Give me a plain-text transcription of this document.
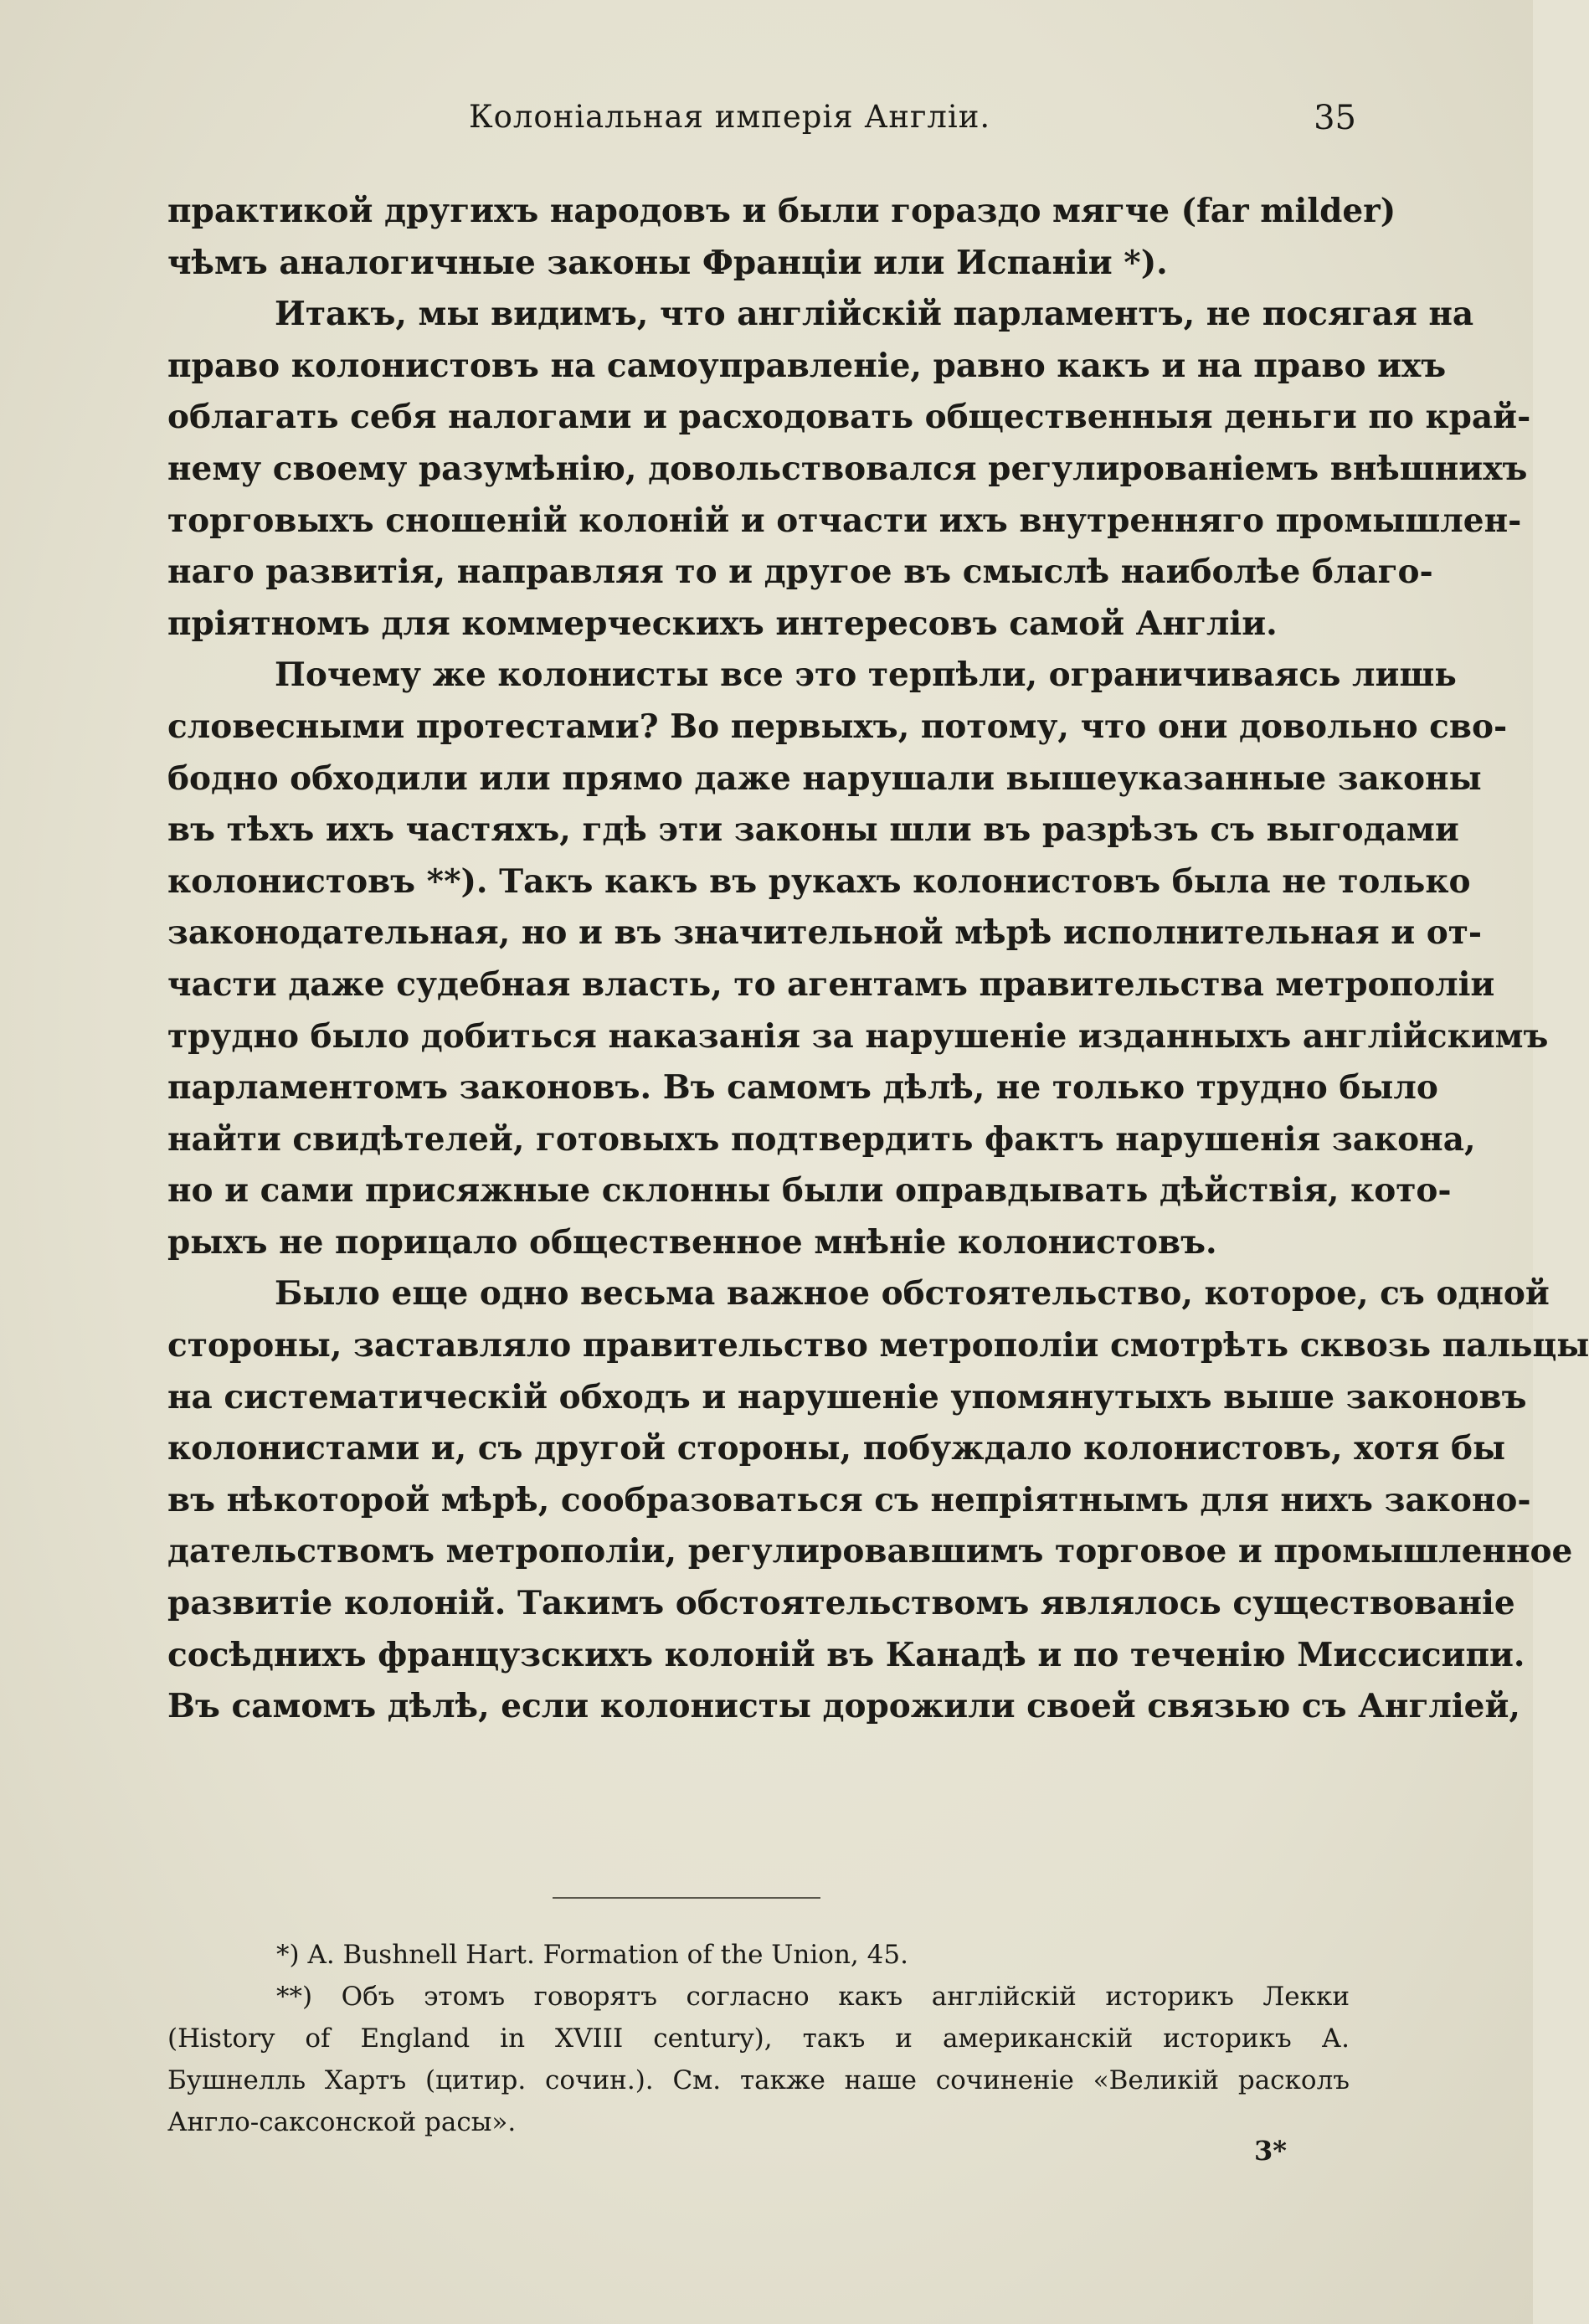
Колонiальная имперiя Англiи.	35
практикой другихъ народовъ и были гораздо мягче (far milder)
чѣмъ аналогичные законы Францiи или Испанiи *).
Итакъ, мы видимъ, что англiйскiй парламентъ, не посягая на
право колонистовъ на самоуправленiе, равно какъ и на право ихъ
облагать себя налогами и расходовать общественныя деньги по край-
нему своему разумѣнiю, довольствовался регулированiемъ внѣшнихъ
торговыхъ сношенiй колонiй и отчасти ихъ внутренняго промышлен-
наго развитiя, направляя то и другое въ смыслѣ наиболѣе благо-
прiятномъ для коммерческихъ интересовъ самой Англiи.
Почему же колонисты все это терпѣли, ограничиваясь лишь
словесными протестами? Во первыхъ, потому, что они довольно сво-
бодно обходили или прямо даже нарушали вышеуказанные законы
въ тѣхъ ихъ частяхъ, гдѣ эти законы шли въ разрѣзъ съ выгодами
колонистовъ **). Такъ какъ въ рукахъ колонистовъ была не только
законодательная, но и въ значительной мѣрѣ исполнительная и от-
части даже судебная власть, то агентамъ правительства метрополiи
трудно было добиться наказанiя за нарушенiе изданныхъ англiйскимъ
парламентомъ законовъ. Въ самомъ дѣлѣ, не только трудно было
найти свидѣтелей, готовыхъ подтвердить фактъ нарушенiя закона,
но и сами присяжные склонны были оправдывать дѣйствiя, кото-
рыхъ не порицало общественное мнѣнiе колонистовъ.
Было еще одно весьма важное обстоятельство, которое, съ одной
стороны, заставляло правительство метрополiи смотрѣть сквозь пальцы
на систематическiй обходъ и нарушенiе упомянутыхъ выше законовъ
колонистами и, съ другой стороны, побуждало колонистовъ, хотя бы
въ нѣкоторой мѣрѣ, сообразоваться съ непрiятнымъ для нихъ законо-
дательствомъ метрополiи, регулировавшимъ торговое и промышленное
развитiе колонiй. Такимъ обстоятельствомъ являлось существованiе
сосѣднихъ французскихъ колонiй въ Канадѣ и по теченiю Миссисипи.
Въ самомъ дѣлѣ, если колонисты дорожили своей связью съ Англiей,
*) A. Bushnell Hart. Formation of the Union, 45.
**) Объ этомъ говорятъ согласно какъ англiйскiй историкъ Лекки
(History of England in XVIII century), такъ и американскiй историкъ А.
Бушнелль Хартъ (цитир. сочин.). См. также наше сочиненiе «Великiй расколъ
Англо-саксонской расы».
3*
